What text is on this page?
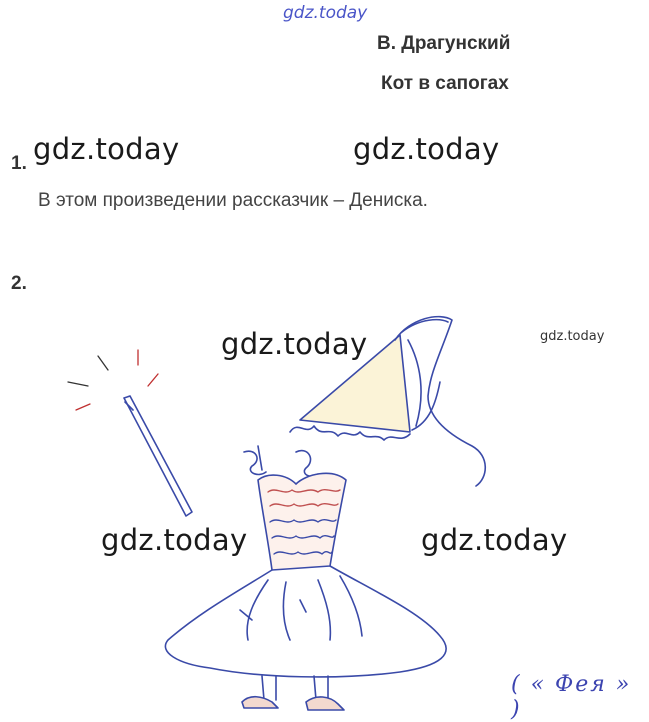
gdz.today
В. Драгунский
Кот в сапогах
1. gdz.today	gdz.today
В этом произведении рассказчик – Дениска.
2.
gdz.today	gdz.today
gdz.today	gdz.today
( « Фея » )
